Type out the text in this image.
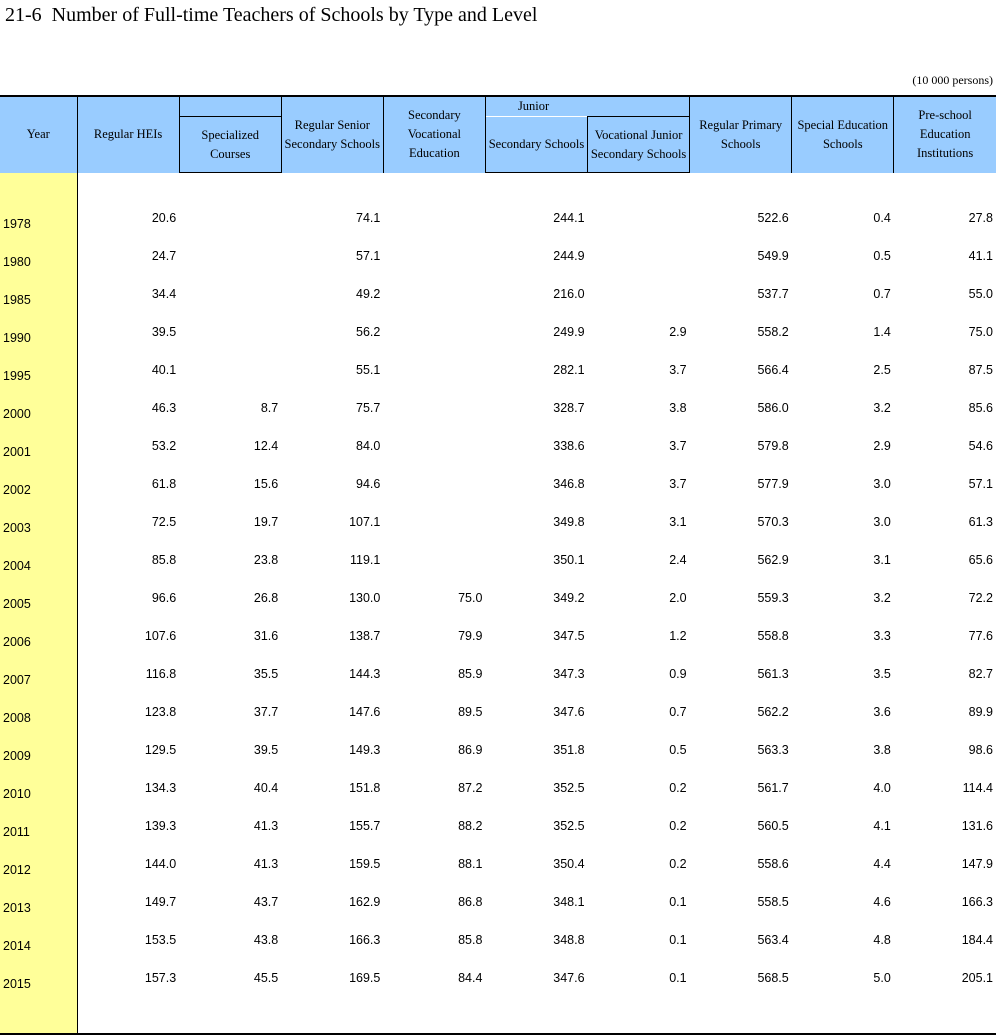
21-6  Number of Full-time Teachers of Schools by Type and Level
(10 000 persons)
Year	Regular HEIs		Regular Senior Secondary Schools	Secondary Vocational Education	Junior		Regular Primary Schools	Special Education Schools	Pre-school Education Institutions
		Specialized Courses			Secondary Schools	Vocational Junior Secondary Schools			

1978	20.6		74.1		244.1		522.6	0.4	27.8
1980	24.7		57.1		244.9		549.9	0.5	41.1
1985	34.4		49.2		216.0		537.7	0.7	55.0
1990	39.5		56.2		249.9	2.9	558.2	1.4	75.0
1995	40.1		55.1		282.1	3.7	566.4	2.5	87.5
2000	46.3	8.7	75.7		328.7	3.8	586.0	3.2	85.6
2001	53.2	12.4	84.0		338.6	3.7	579.8	2.9	54.6
2002	61.8	15.6	94.6		346.8	3.7	577.9	3.0	57.1
2003	72.5	19.7	107.1		349.8	3.1	570.3	3.0	61.3
2004	85.8	23.8	119.1		350.1	2.4	562.9	3.1	65.6
2005	96.6	26.8	130.0	75.0	349.2	2.0	559.3	3.2	72.2
2006	107.6	31.6	138.7	79.9	347.5	1.2	558.8	3.3	77.6
2007	116.8	35.5	144.3	85.9	347.3	0.9	561.3	3.5	82.7
2008	123.8	37.7	147.6	89.5	347.6	0.7	562.2	3.6	89.9
2009	129.5	39.5	149.3	86.9	351.8	0.5	563.3	3.8	98.6
2010	134.3	40.4	151.8	87.2	352.5	0.2	561.7	4.0	114.4
2011	139.3	41.3	155.7	88.2	352.5	0.2	560.5	4.1	131.6
2012	144.0	41.3	159.5	88.1	350.4	0.2	558.6	4.4	147.9
2013	149.7	43.7	162.9	86.8	348.1	0.1	558.5	4.6	166.3
2014	153.5	43.8	166.3	85.8	348.8	0.1	563.4	4.8	184.4
2015	157.3	45.5	169.5	84.4	347.6	0.1	568.5	5.0	205.1
